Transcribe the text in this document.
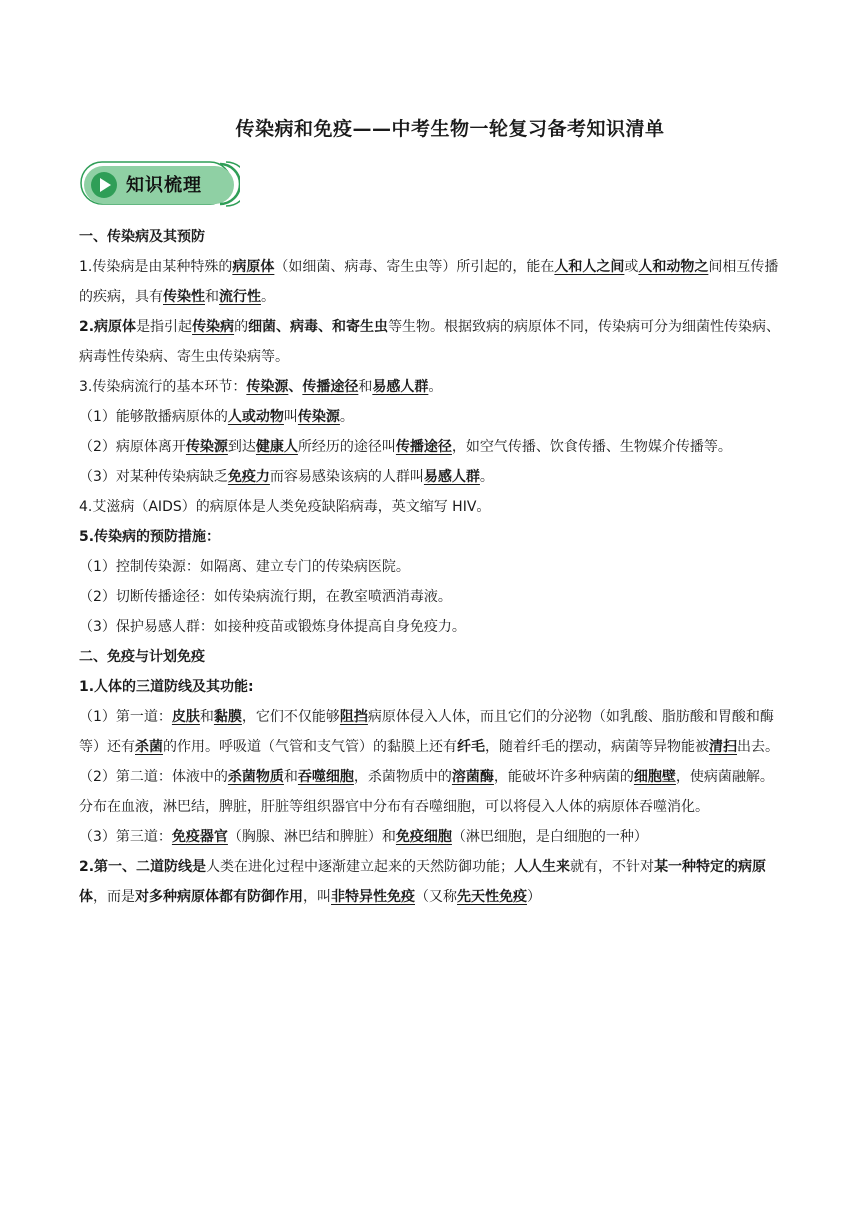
传染病和免疫——中考生物一轮复习备考知识清单
知识梳理

一、传染病及其预防

1.传染病是由某种特殊的病原体（如细菌、病毒、寄生虫等）所引起的，能在人和人之间或人和动物之间相互传播的疾病，具有传染性和流行性。

2.病原体是指引起传染病的细菌、病毒、和寄生虫等生物。根据致病的病原体不同，传染病可分为细菌性传染病、病毒性传染病、寄生虫传染病等。

3.传染病流行的基本环节：传染源、传播途径和易感人群。

（1）能够散播病原体的人或动物叫传染源。

（2）病原体离开传染源到达健康人所经历的途径叫传播途径，如空气传播、饮食传播、生物媒介传播等。

（3）对某种传染病缺乏免疫力而容易感染该病的人群叫易感人群。

4.艾滋病（AIDS）的病原体是人类免疫缺陷病毒，英文缩写 HIV。

5.传染病的预防措施：

（1）控制传染源：如隔离、建立专门的传染病医院。

（2）切断传播途径：如传染病流行期，在教室喷洒消毒液。

（3）保护易感人群：如接种疫苗或锻炼身体提高自身免疫力。

二、免疫与计划免疫

1.人体的三道防线及其功能:

（1）第一道：皮肤和黏膜，它们不仅能够阻挡病原体侵入人体，而且它们的分泌物（如乳酸、脂肪酸和胃酸和酶等）还有杀菌的作用。呼吸道（气管和支气管）的黏膜上还有纤毛，随着纤毛的摆动，病菌等异物能被清扫出去。

（2）第二道：体液中的杀菌物质和吞噬细胞，杀菌物质中的溶菌酶，能破坏许多种病菌的细胞壁，使病菌融解。分布在血液，淋巴结，脾脏，肝脏等组织器官中分布有吞噬细胞，可以将侵入人体的病原体吞噬消化。

（3）第三道：免疫器官（胸腺、淋巴结和脾脏）和免疫细胞（淋巴细胞，是白细胞的一种）

2.第一、二道防线是人类在进化过程中逐渐建立起来的天然防御功能；人人生来就有，不针对某一种特定的病原体，而是对多种病原体都有防御作用，叫非特异性免疫（又称先天性免疫）
